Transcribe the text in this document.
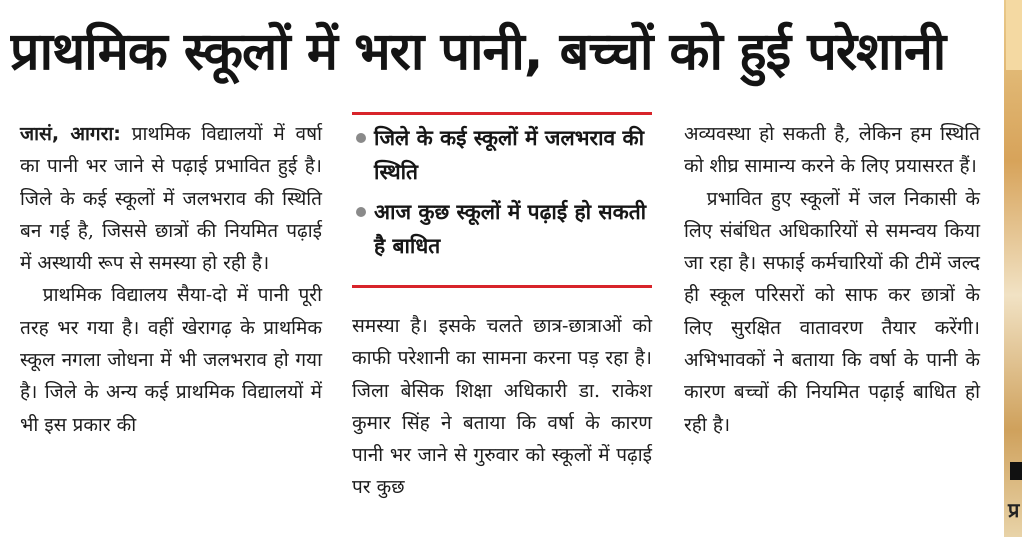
प्राथमिक स्कूलों में भरा पानी, बच्चों को हुई परेशानी

जासं, आगरा: प्राथमिक विद्यालयों में वर्षा का पानी भर जाने से पढ़ाई प्रभावित हुई है। जिले के कई स्कूलों में जलभराव की स्थिति बन गई है, जिससे छात्रों की नियमित पढ़ाई में अस्थायी रूप से समस्या हो रही है।

प्राथमिक विद्यालय सैया-दो में पानी पूरी तरह भर गया है। वहीं खेरागढ़ के प्राथमिक स्कूल नगला जोधना में भी जलभराव हो गया है। जिले के अन्य कई प्राथमिक विद्यालयों में भी इस प्रकार की

जिले के कई स्कूलों में जलभराव की स्थिति
आज कुछ स्कूलों में पढ़ाई हो सकती है बाधित

समस्या है। इसके चलते छात्र-छात्राओं को काफी परेशानी का सामना करना पड़ रहा है। जिला बेसिक शिक्षा अधिकारी डा. राकेश कुमार सिंह ने बताया कि वर्षा के कारण पानी भर जाने से गुरुवार को स्कूलों में पढ़ाई पर कुछ

अव्यवस्था हो सकती है, लेकिन हम स्थिति को शीघ्र सामान्य करने के लिए प्रयासरत हैं।

प्रभावित हुए स्कूलों में जल निकासी के लिए संबंधित अधिकारियों से समन्वय किया जा रहा है। सफाई कर्मचारियों की टीमें जल्द ही स्कूल परिसरों को साफ कर छात्रों के लिए सुरक्षित वातावरण तैयार करेंगी। अभिभावकों ने बताया कि वर्षा के पानी के कारण बच्चों की नियमित पढ़ाई बाधित हो रही है।

प्र
